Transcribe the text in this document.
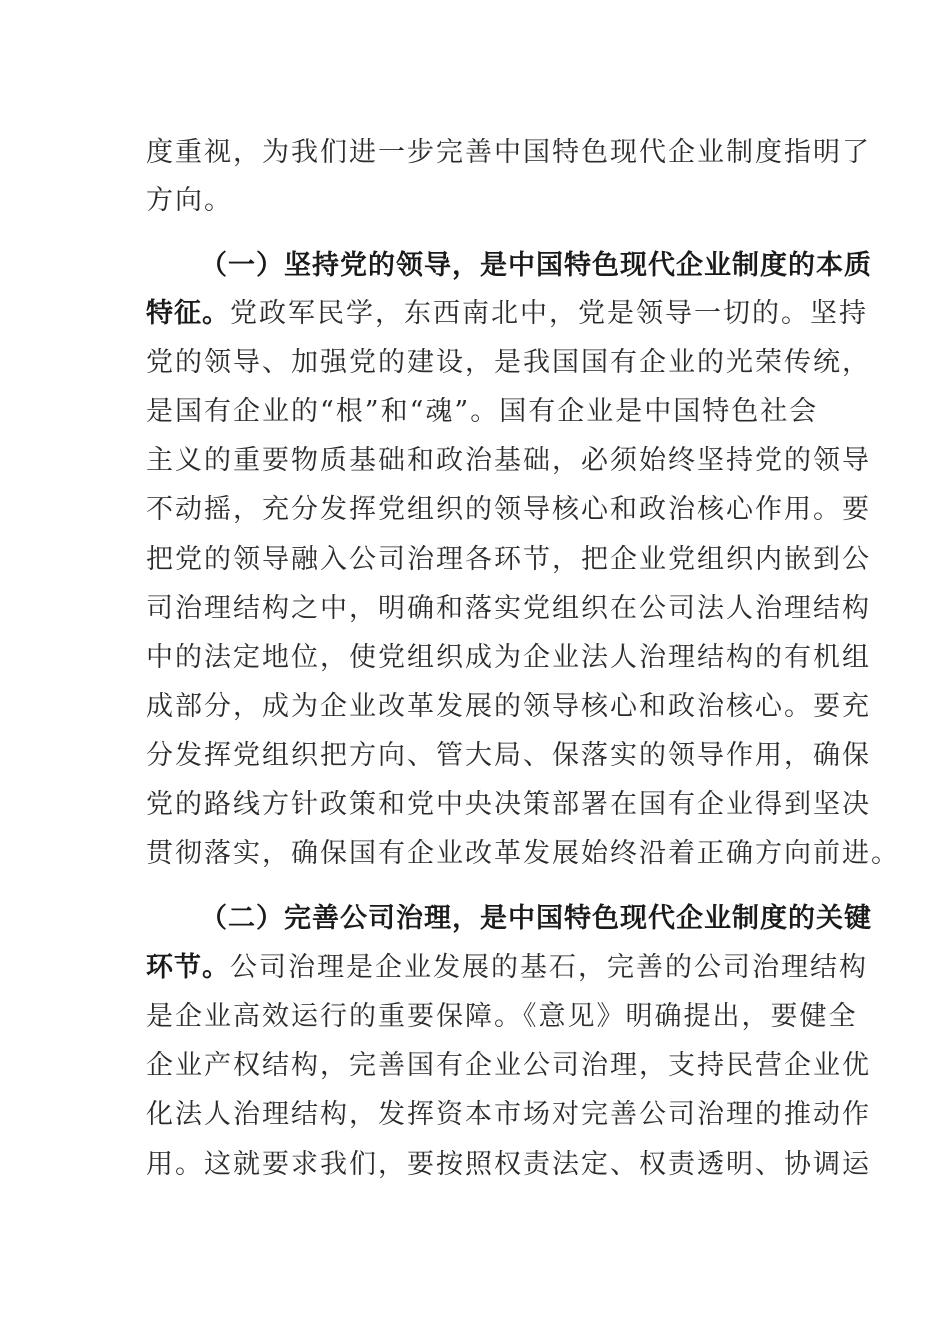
度重视，为我们进一步完善中国特色现代企业制度指明了
方向。
（一）坚持党的领导，是中国特色现代企业制度的本质
特征。党政军民学，东西南北中，党是领导一切的。坚持
党的领导、加强党的建设，是我国国有企业的光荣传统，
是国有企业的“根”和“魂”。国有企业是中国特色社会
主义的重要物质基础和政治基础，必须始终坚持党的领导
不动摇，充分发挥党组织的领导核心和政治核心作用。要
把党的领导融入公司治理各环节，把企业党组织内嵌到公
司治理结构之中，明确和落实党组织在公司法人治理结构
中的法定地位，使党组织成为企业法人治理结构的有机组
成部分，成为企业改革发展的领导核心和政治核心。要充
分发挥党组织把方向、管大局、保落实的领导作用，确保
党的路线方针政策和党中央决策部署在国有企业得到坚决
贯彻落实，确保国有企业改革发展始终沿着正确方向前进。
（二）完善公司治理，是中国特色现代企业制度的关键
环节。公司治理是企业发展的基石，完善的公司治理结构
是企业高效运行的重要保障。《意见》明确提出，要健全
企业产权结构，完善国有企业公司治理，支持民营企业优
化法人治理结构，发挥资本市场对完善公司治理的推动作
用。这就要求我们，要按照权责法定、权责透明、协调运
